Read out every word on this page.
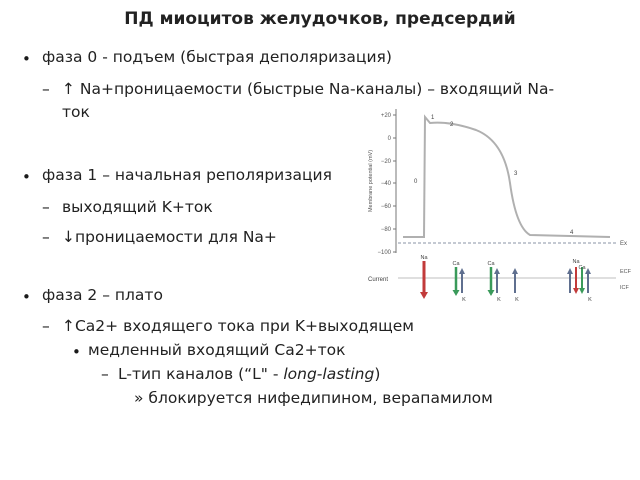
ПД миоцитов желудочков, предсердий
• фаза 0 - подъем (быстрая деполяризация)
– ↑ Na+проницаемости (быстрые Na-каналы) – входящий Na-
ток
• фаза 1 – начальная реполяризация
– выходящий K+ток
– ↓проницаемости для Na+
• фаза 2 – плато
– ↑Ca2+ входящего тока при K+выходящем
• медленный входящий Ca2+ток
– L-тип каналов (“L" - long-lasting)
» блокируется нифедипином, верапамилом
+20
0
−20
−40
−60
−80
−100
Membrane potential (mV)
Ex
0
1
2
3
4
Current
ECF
ICF
Na
Ca
K
Ca
K	K
Na
Ca
K
